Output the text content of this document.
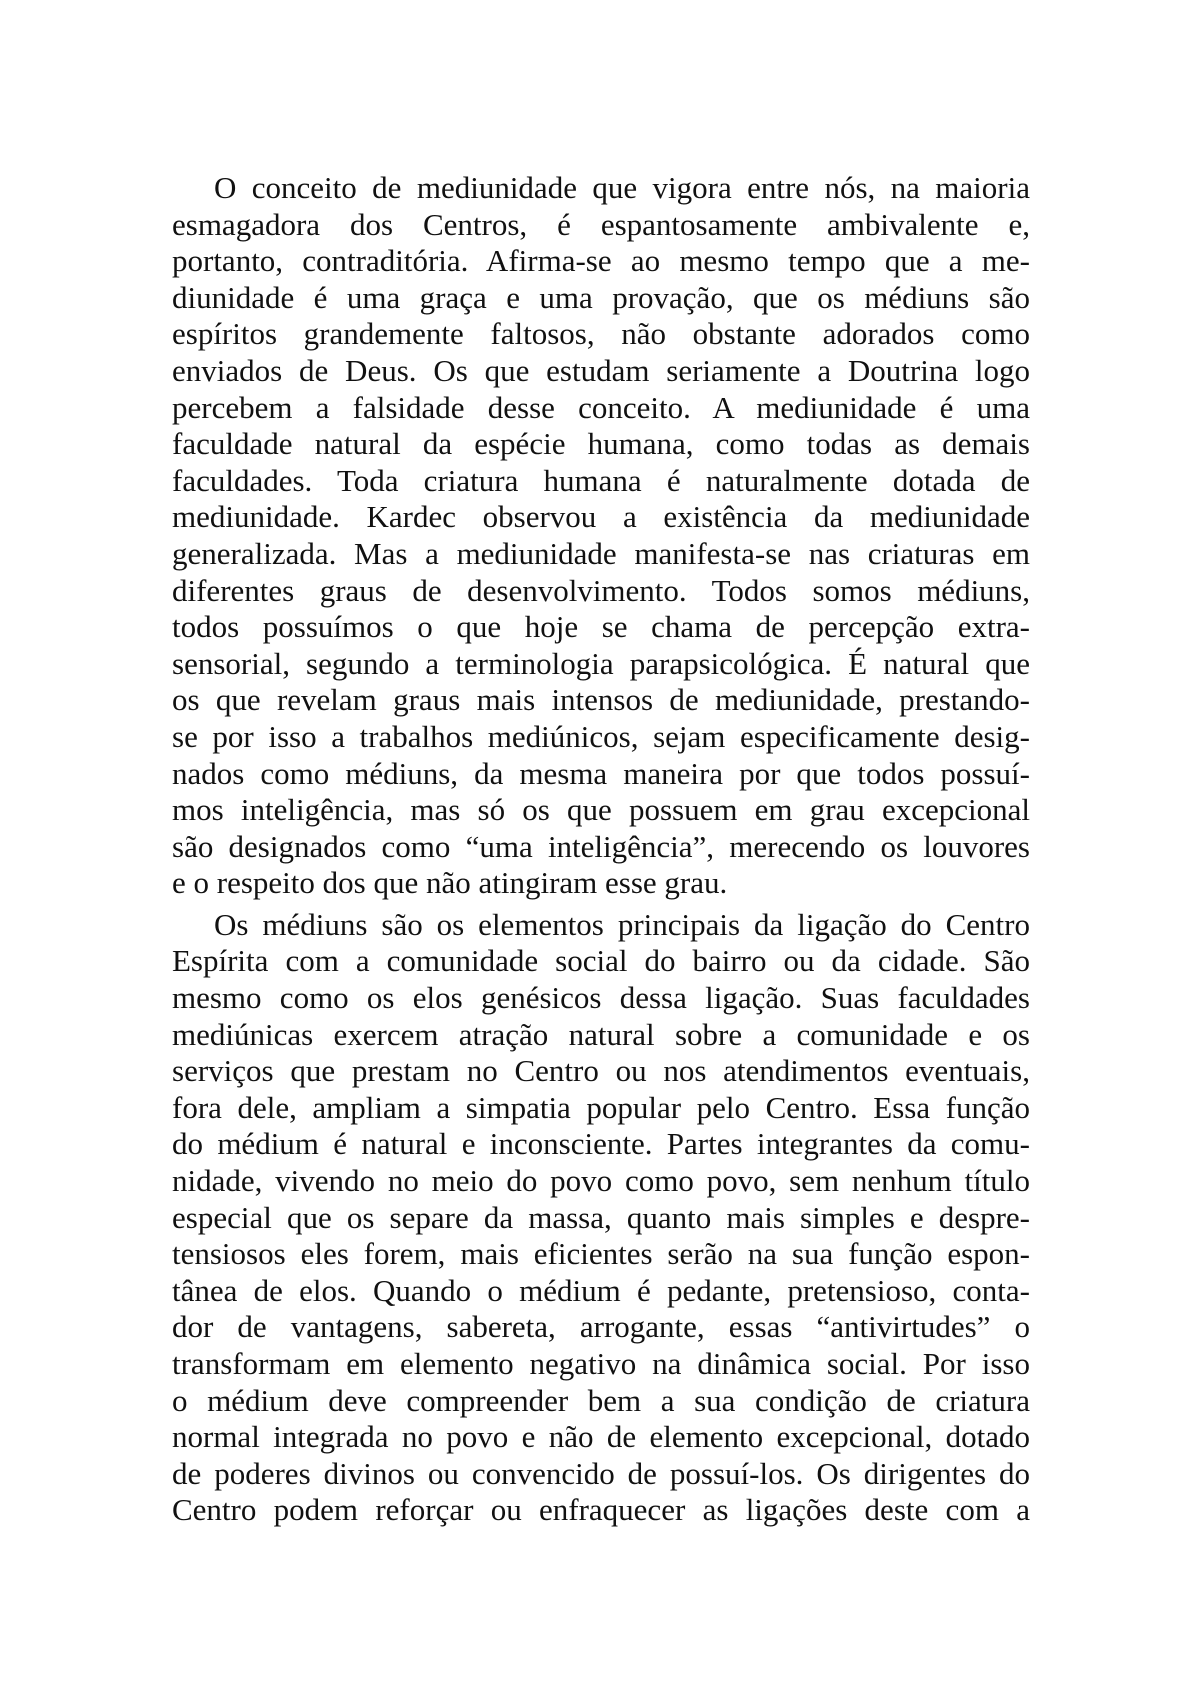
O conceito de mediunidade que vigora entre nós, na maioria
esmagadora dos Centros, é espantosamente ambivalente e,
portanto, contraditória. Afirma-se ao mesmo tempo que a me-
diunidade é uma graça e uma provação, que os médiuns são
espíritos grandemente faltosos, não obstante adorados como
enviados de Deus. Os que estudam seriamente a Doutrina logo
percebem a falsidade desse conceito. A mediunidade é uma
faculdade natural da espécie humana, como todas as demais
faculdades. Toda criatura humana é naturalmente dotada de
mediunidade. Kardec observou a existência da mediunidade
generalizada. Mas a mediunidade manifesta-se nas criaturas em
diferentes graus de desenvolvimento. Todos somos médiuns,
todos possuímos o que hoje se chama de percepção extra-
sensorial, segundo a terminologia parapsicológica. É natural que
os que revelam graus mais intensos de mediunidade, prestando-
se por isso a trabalhos mediúnicos, sejam especificamente desig-
nados como médiuns, da mesma maneira por que todos possuí-
mos inteligência, mas só os que possuem em grau excepcional
são designados como “uma inteligência”, merecendo os louvores
e o respeito dos que não atingiram esse grau.
Os médiuns são os elementos principais da ligação do Centro
Espírita com a comunidade social do bairro ou da cidade. São
mesmo como os elos genésicos dessa ligação. Suas faculdades
mediúnicas exercem atração natural sobre a comunidade e os
serviços que prestam no Centro ou nos atendimentos eventuais,
fora dele, ampliam a simpatia popular pelo Centro. Essa função
do médium é natural e inconsciente. Partes integrantes da comu-
nidade, vivendo no meio do povo como povo, sem nenhum título
especial que os separe da massa, quanto mais simples e despre-
tensiosos eles forem, mais eficientes serão na sua função espon-
tânea de elos. Quando o médium é pedante, pretensioso, conta-
dor de vantagens, sabereta, arrogante, essas “antivirtudes” o
transformam em elemento negativo na dinâmica social. Por isso
o médium deve compreender bem a sua condição de criatura
normal integrada no povo e não de elemento excepcional, dotado
de poderes divinos ou convencido de possuí-los. Os dirigentes do
Centro podem reforçar ou enfraquecer as ligações deste com a
